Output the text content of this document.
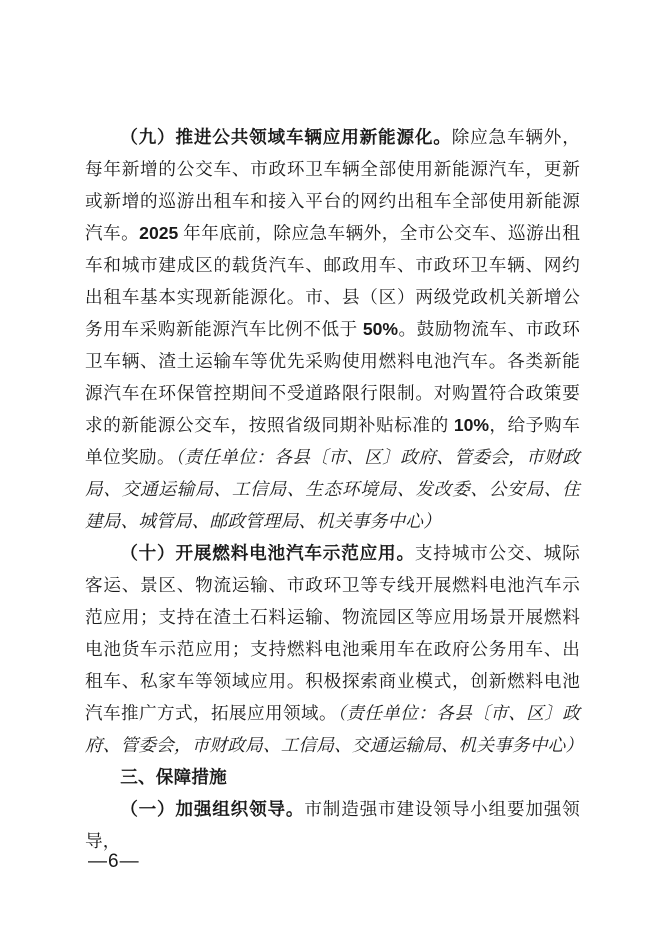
（九）推进公共领域车辆应用新能源化。除应急车辆外，每年新增的公交车、市政环卫车辆全部使用新能源汽车，更新或新增的巡游出租车和接入平台的网约出租车全部使用新能源汽车。2025 年年底前，除应急车辆外，全市公交车、巡游出租车和城市建成区的载货汽车、邮政用车、市政环卫车辆、网约出租车基本实现新能源化。市、县（区）两级党政机关新增公务用车采购新能源汽车比例不低于 50%。鼓励物流车、市政环卫车辆、渣土运输车等优先采购使用燃料电池汽车。各类新能源汽车在环保管控期间不受道路限行限制。对购置符合政策要求的新能源公交车，按照省级同期补贴标准的 10%，给予购车单位奖励。（责任单位：各县〔市、区〕政府、管委会，市财政局、交通运输局、工信局、生态环境局、发改委、公安局、住建局、城管局、邮政管理局、机关事务中心）

（十）开展燃料电池汽车示范应用。支持城市公交、城际客运、景区、物流运输、市政环卫等专线开展燃料电池汽车示范应用；支持在渣土石料运输、物流园区等应用场景开展燃料电池货车示范应用；支持燃料电池乘用车在政府公务用车、出租车、私家车等领域应用。积极探索商业模式，创新燃料电池汽车推广方式，拓展应用领域。（责任单位：各县〔市、区〕政府、管委会，市财政局、工信局、交通运输局、机关事务中心）

三、保障措施

（一）加强组织领导。市制造强市建设领导小组要加强领导，

—6—
